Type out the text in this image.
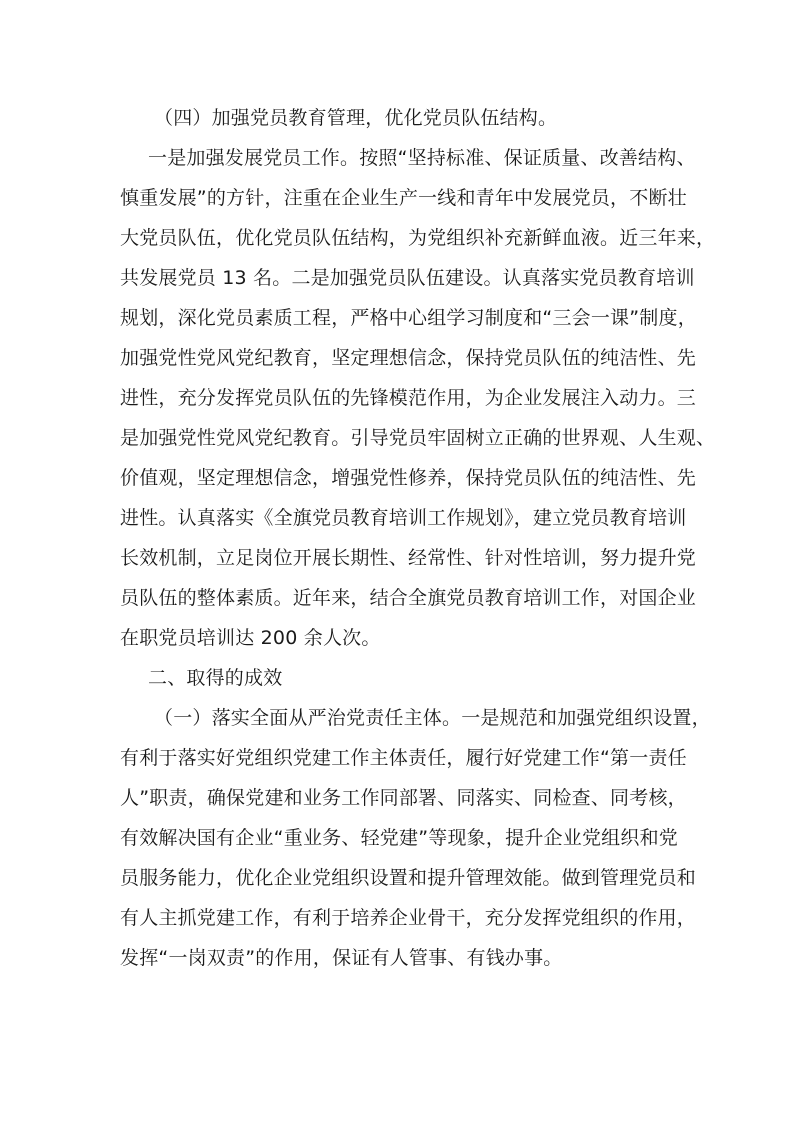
（四）加强党员教育管理，优化党员队伍结构。
一是加强发展党员工作。按照“坚持标准、保证质量、改善结构、
慎重发展”的方针，注重在企业生产一线和青年中发展党员，不断壮
大党员队伍，优化党员队伍结构，为党组织补充新鲜血液。近三年来，
共发展党员 13 名。二是加强党员队伍建设。认真落实党员教育培训
规划，深化党员素质工程，严格中心组学习制度和“三会一课”制度，
加强党性党风党纪教育，坚定理想信念，保持党员队伍的纯洁性、先
进性，充分发挥党员队伍的先锋模范作用，为企业发展注入动力。三
是加强党性党风党纪教育。引导党员牢固树立正确的世界观、人生观、
价值观，坚定理想信念，增强党性修养，保持党员队伍的纯洁性、先
进性。认真落实《全旗党员教育培训工作规划》，建立党员教育培训
长效机制，立足岗位开展长期性、经常性、针对性培训，努力提升党
员队伍的整体素质。近年来，结合全旗党员教育培训工作，对国企业
在职党员培训达 200 余人次。
二、取得的成效
（一）落实全面从严治党责任主体。一是规范和加强党组织设置，
有利于落实好党组织党建工作主体责任，履行好党建工作“第一责任
人”职责，确保党建和业务工作同部署、同落实、同检查、同考核，
有效解决国有企业“重业务、轻党建”等现象，提升企业党组织和党
员服务能力，优化企业党组织设置和提升管理效能。做到管理党员和
有人主抓党建工作，有利于培养企业骨干，充分发挥党组织的作用，
发挥“一岗双责”的作用，保证有人管事、有钱办事。
